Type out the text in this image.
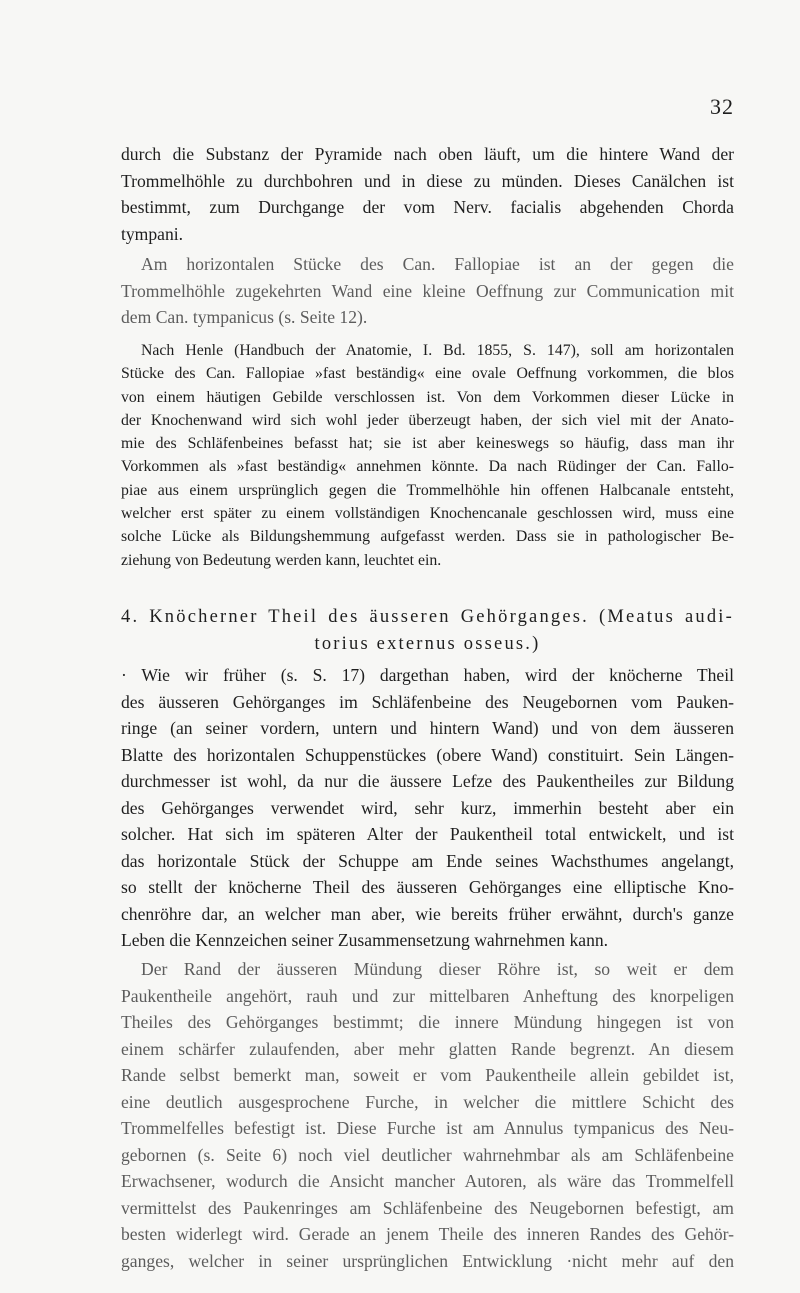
32
durch die Substanz der Pyramide nach oben läuft, um die hintere Wand der
Trommelhöhle zu durchbohren und in diese zu münden. Dieses Canälchen ist
bestimmt, zum Durchgange der vom Nerv. facialis abgehenden Chorda
tympani.
Am horizontalen Stücke des Can. Fallopiae ist an der gegen die
Trommelhöhle zugekehrten Wand eine kleine Oeffnung zur Communication mit
dem Can. tympanicus (s. Seite 12).
Nach Henle (Handbuch der Anatomie, I. Bd. 1855, S. 147), soll am horizontalen
Stücke des Can. Fallopiae »fast beständig« eine ovale Oeffnung vorkommen, die blos
von einem häutigen Gebilde verschlossen ist. Von dem Vorkommen dieser Lücke in
der Knochenwand wird sich wohl jeder überzeugt haben, der sich viel mit der Anato-
mie des Schläfenbeines befasst hat; sie ist aber keineswegs so häufig, dass man ihr
Vorkommen als »fast beständig« annehmen könnte. Da nach Rüdinger der Can. Fallo-
piae aus einem ursprünglich gegen die Trommelhöhle hin offenen Halbcanale entsteht,
welcher erst später zu einem vollständigen Knochencanale geschlossen wird, muss eine
solche Lücke als Bildungshemmung aufgefasst werden. Dass sie in pathologischer Be-
ziehung von Bedeutung werden kann, leuchtet ein.
4. Knöcherner Theil des äusseren Gehörganges. (Meatus audi-
torius externus osseus.)
· Wie wir früher (s. S. 17) dargethan haben, wird der knöcherne Theil
des äusseren Gehörganges im Schläfenbeine des Neugebornen vom Pauken-
ringe (an seiner vordern, untern und hintern Wand) und von dem äusseren
Blatte des horizontalen Schuppenstückes (obere Wand) constituirt. Sein Längen-
durchmesser ist wohl, da nur die äussere Lefze des Paukentheiles zur Bildung
des Gehörganges verwendet wird, sehr kurz, immerhin besteht aber ein
solcher. Hat sich im späteren Alter der Paukentheil total entwickelt, und ist
das horizontale Stück der Schuppe am Ende seines Wachsthumes angelangt,
so stellt der knöcherne Theil des äusseren Gehörganges eine elliptische Kno-
chenröhre dar, an welcher man aber, wie bereits früher erwähnt, durch's ganze
Leben die Kennzeichen seiner Zusammensetzung wahrnehmen kann.
Der Rand der äusseren Mündung dieser Röhre ist, so weit er dem
Paukentheile angehört, rauh und zur mittelbaren Anheftung des knorpeligen
Theiles des Gehörganges bestimmt; die innere Mündung hingegen ist von
einem schärfer zulaufenden, aber mehr glatten Rande begrenzt. An diesem
Rande selbst bemerkt man, soweit er vom Paukentheile allein gebildet ist,
eine deutlich ausgesprochene Furche, in welcher die mittlere Schicht des
Trommelfelles befestigt ist. Diese Furche ist am Annulus tympanicus des Neu-
gebornen (s. Seite 6) noch viel deutlicher wahrnehmbar als am Schläfenbeine
Erwachsener, wodurch die Ansicht mancher Autoren, als wäre das Trommelfell
vermittelst des Paukenringes am Schläfenbeine des Neugebornen befestigt, am
besten widerlegt wird. Gerade an jenem Theile des inneren Randes des Gehör-
ganges, welcher in seiner ursprünglichen Entwicklung ·nicht mehr auf den
